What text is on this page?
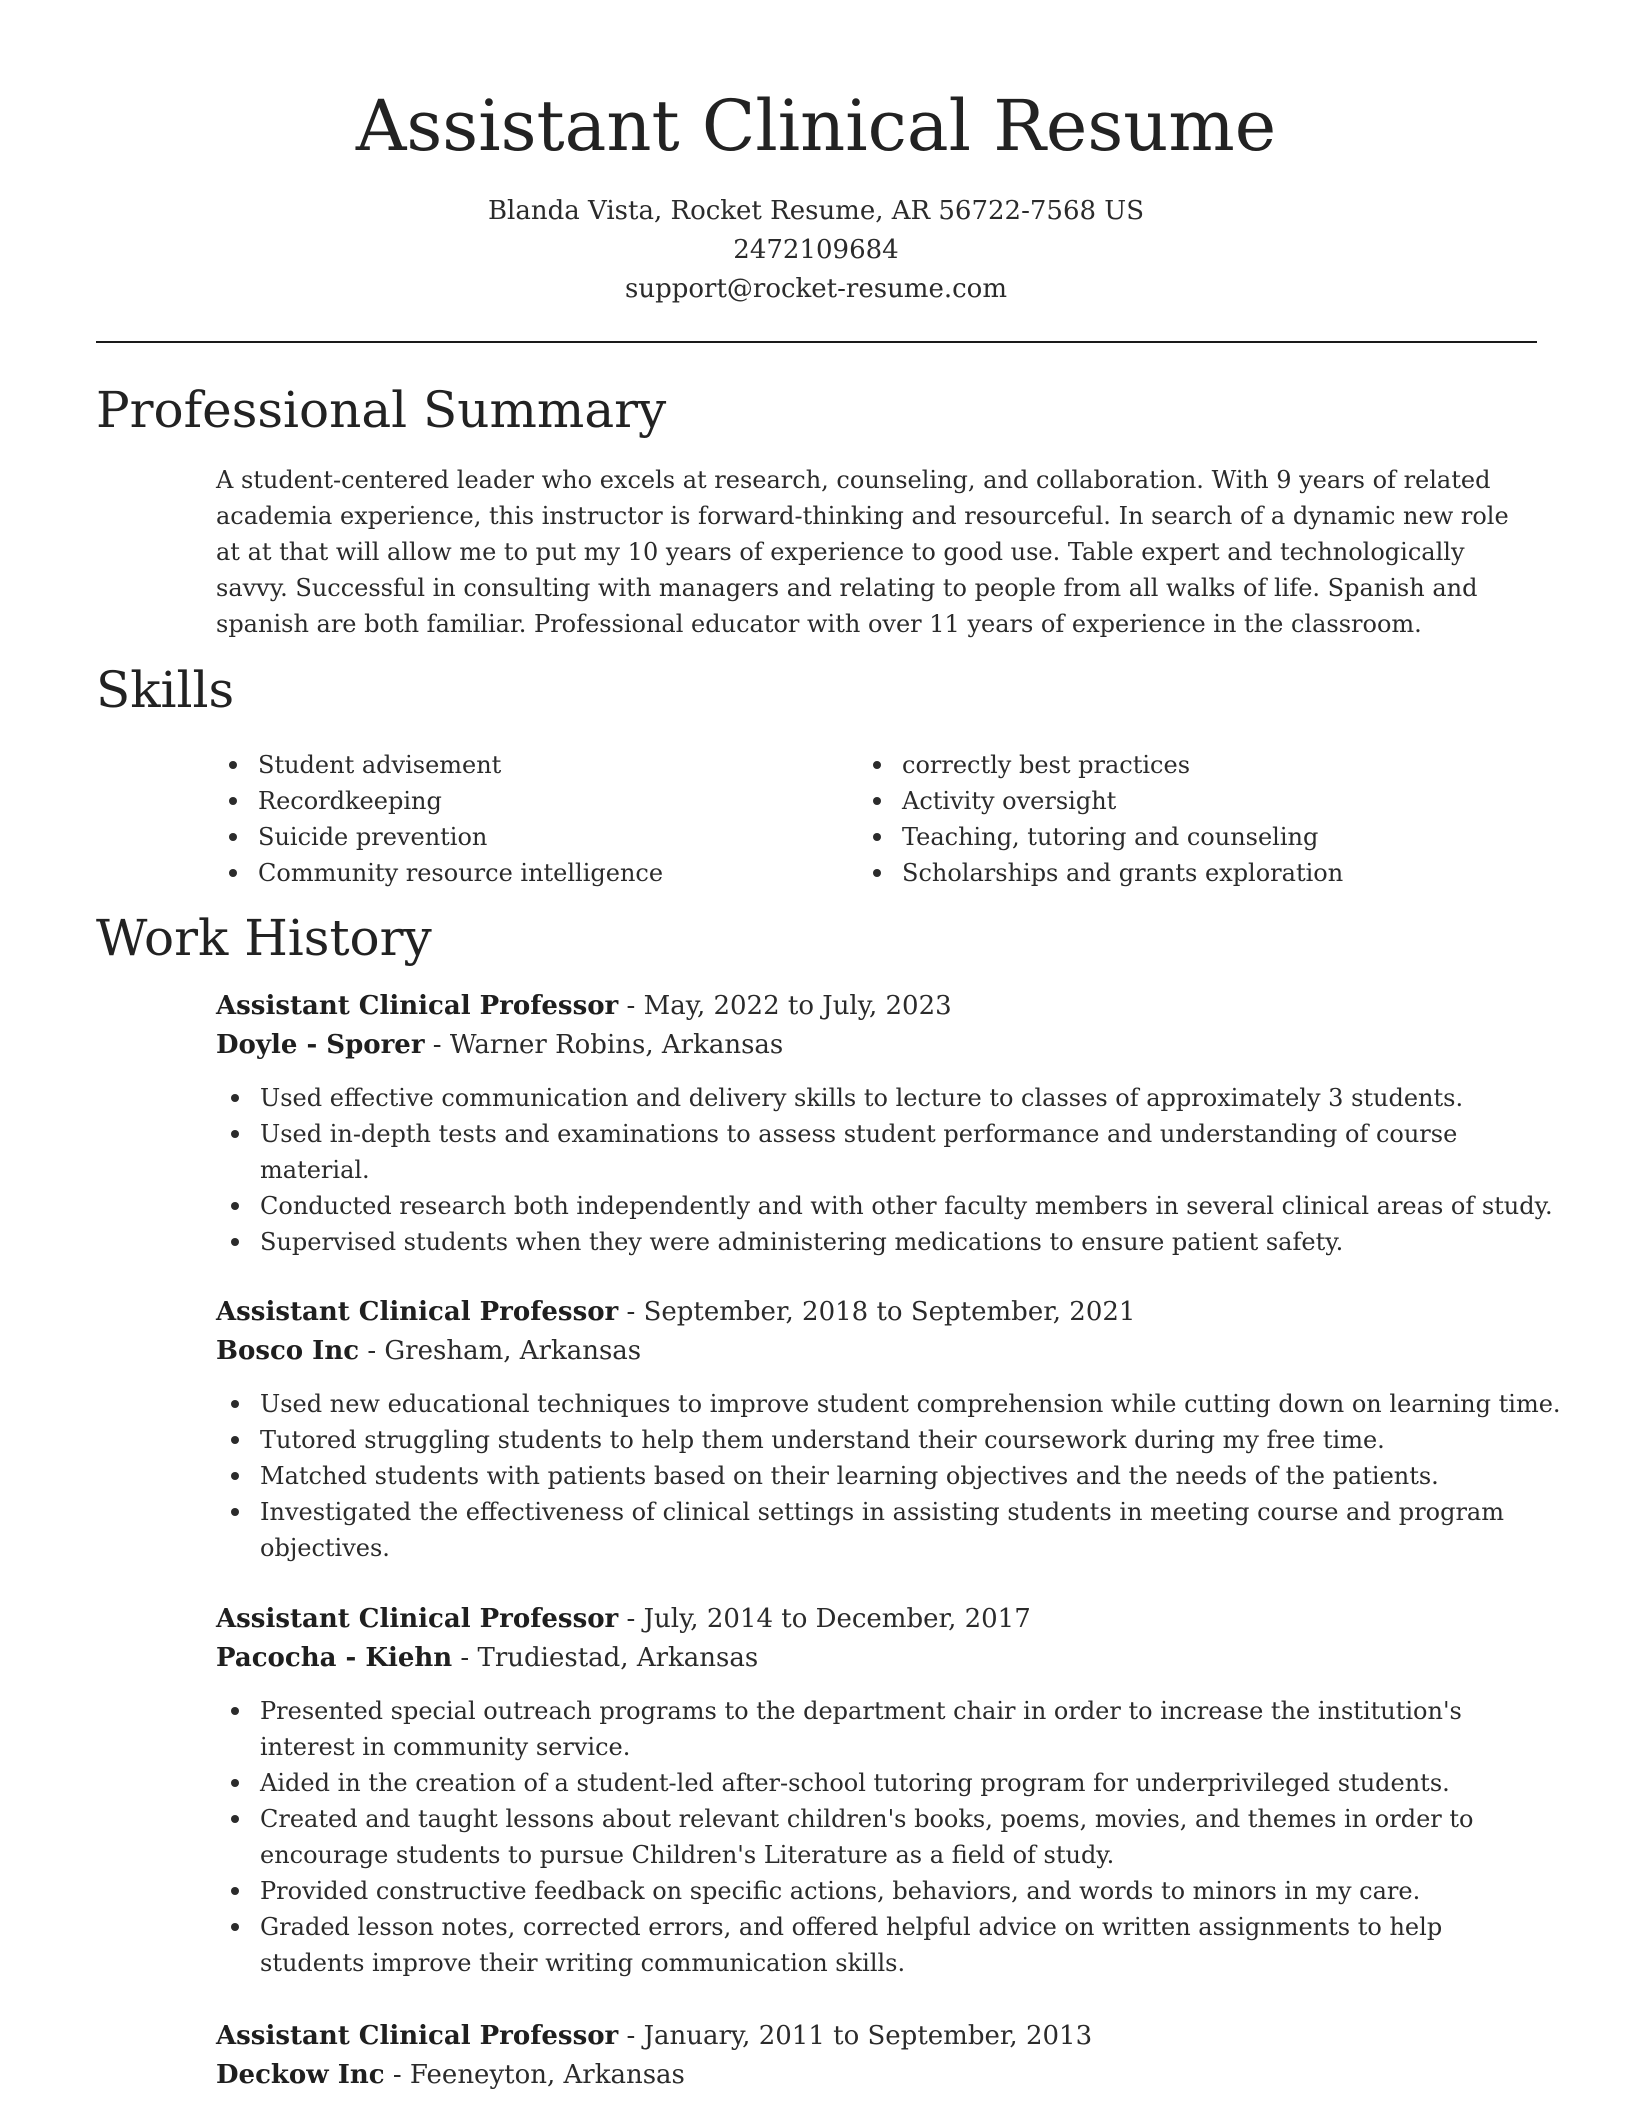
Assistant Clinical Resume
Blanda Vista, Rocket Resume, AR 56722-7568 US
2472109684
support@rocket-resume.com
Professional Summary

A student-centered leader who excels at research, counseling, and collaboration. With 9 years of related academia experience, this instructor is forward-thinking and resourceful. In search of a dynamic new role at at that will allow me to put my 10 years of experience to good use. Table expert and technologically savvy. Successful in consulting with managers and relating to people from all walks of life. Spanish and spanish are both familiar. Professional educator with over 11 years of experience in the classroom.

Skills
Student advisement
Recordkeeping
Suicide prevention
Community resource intelligence
correctly best practices
Activity oversight
Teaching, tutoring and counseling
Scholarships and grants exploration
Work History
Assistant Clinical Professor - May, 2022 to July, 2023
Doyle - Sporer - Warner Robins, Arkansas
Used effective communication and delivery skills to lecture to classes of approximately 3 students.
Used in-depth tests and examinations to assess student performance and understanding of course material.
Conducted research both independently and with other faculty members in several clinical areas of study.
Supervised students when they were administering medications to ensure patient safety.
Assistant Clinical Professor - September, 2018 to September, 2021
Bosco Inc - Gresham, Arkansas
Used new educational techniques to improve student comprehension while cutting down on learning time.
Tutored struggling students to help them understand their coursework during my free time.
Matched students with patients based on their learning objectives and the needs of the patients.
Investigated the effectiveness of clinical settings in assisting students in meeting course and program objectives.
Assistant Clinical Professor - July, 2014 to December, 2017
Pacocha - Kiehn - Trudiestad, Arkansas
Presented special outreach programs to the department chair in order to increase the institution's interest in community service.
Aided in the creation of a student-led after-school tutoring program for underprivileged students.
Created and taught lessons about relevant children's books, poems, movies, and themes in order to encourage students to pursue Children's Literature as a field of study.
Provided constructive feedback on specific actions, behaviors, and words to minors in my care.
Graded lesson notes, corrected errors, and offered helpful advice on written assignments to help students improve their writing communication skills.
Assistant Clinical Professor - January, 2011 to September, 2013
Deckow Inc - Feeneyton, Arkansas
